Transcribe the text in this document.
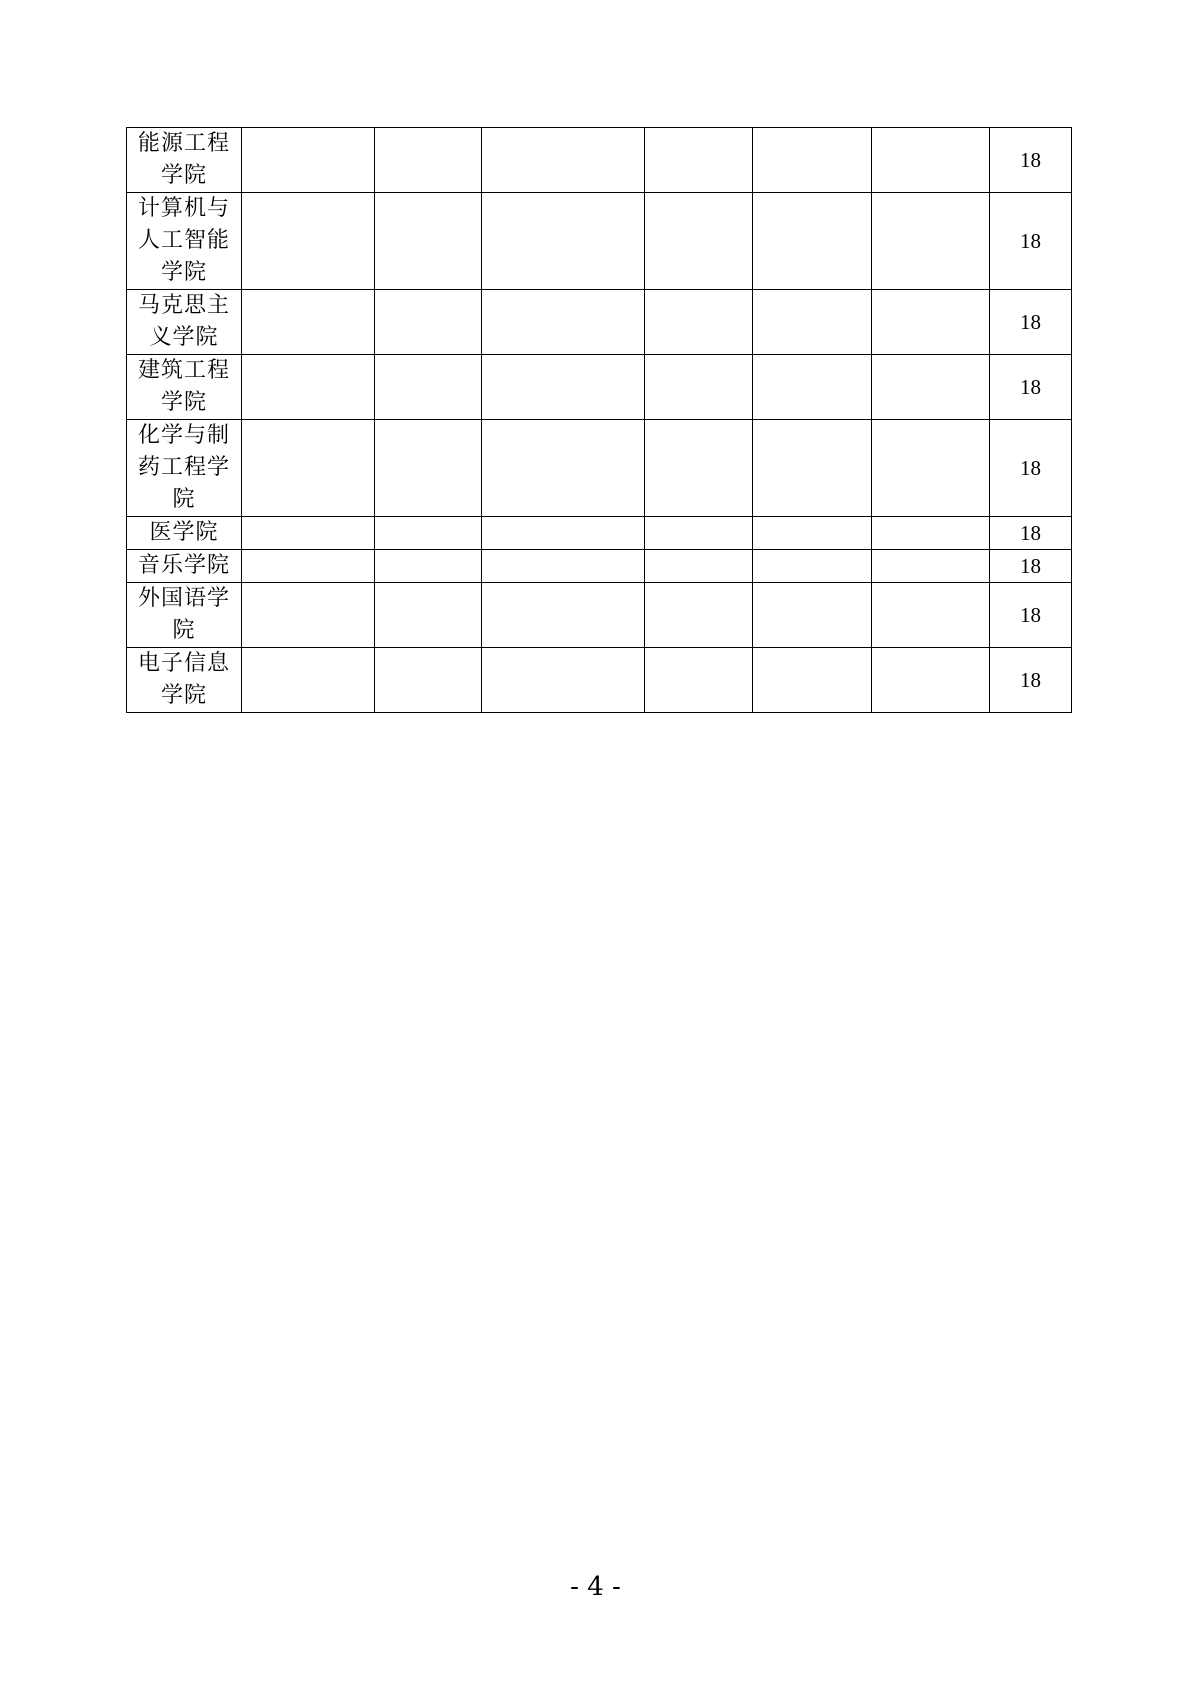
能源工程学院							18
计算机与人工智能学院							18
马克思主义学院							18
建筑工程学院							18
化学与制药工程学院							18
医学院							18
音乐学院							18
外国语学院							18
电子信息学院							18
- 4 -
